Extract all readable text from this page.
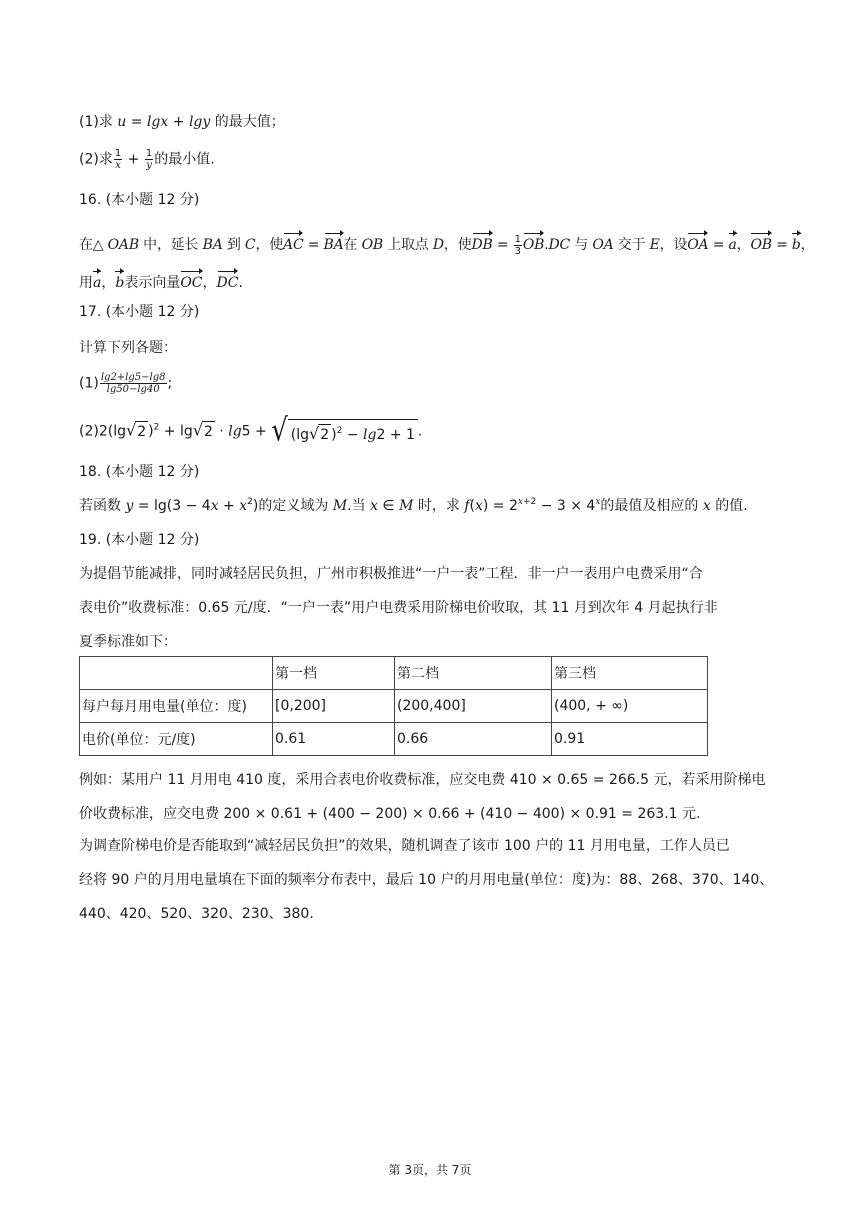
(1)求 u = lgx + lgy 的最大值；
(2)求 $\frac{1}{x} + \frac{1}{y}$ 的最小值.
16. (本小题 12 分)
在△ OAB 中，延长 BA 到 C，使AC = BA在 OB 上取点 D，使DB = $\frac{1}{3} OB.DC$ 与 OA 交于 E，设OA = a，OB = b，
用a，b表示向量OC，DC.
17. (本小题 12 分)
计算下列各题：
$(1) \frac{\lg 2+\lg 5-\lg 8}{\lg 50-\lg 40}$ ;
(2)2(lg√2 )$^2$ + lg√2 · lg5 + √ (lg√2 )$^2$ − lg2 + 1 .
18. (本小题 12 分)
若函数 $y = \lg(3 - 4x + x^2)$的定义域为 M.当 x ∈ M 时，求 $f(x) = 2^{x+2} - 3 \times 4^x$的最值及相应的 x 的值.
19. (本小题 12 分)
为提倡节能减排，同时减轻居民负担，广州市积极推进“一户一表”工程．非一户一表用户电费采用“合
表电价”收费标准：0.65 元/度．“一户一表”用户电费采用阶梯电价收取，其 11 月到次年 4 月起执行非
夏季标准如下：
	第一档	第二档	第三档
每户每月用电量(单位：度)	[0,200]	(200,400]	(400, + ∞)
电价(单位：元/度)	0.61	0.66	0.91
例如：某用户 11 月用电 410 度，采用合表电价收费标准，应交电费 410 × 0.65 = 266.5 元，若采用阶梯电
价收费标准，应交电费 200 × 0.61 + (400 − 200) × 0.66 + (410 − 400) × 0.91 = 263.1 元.
为调查阶梯电价是否能取到“减轻居民负担”的效果，随机调查了该市 100 户的 11 月用电量，工作人员已
经将 90 户的月用电量填在下面的频率分布表中，最后 10 户的月用电量(单位：度)为：88、268、370、140、
440、420、520、320、230、380.
第 3页，共 7页
